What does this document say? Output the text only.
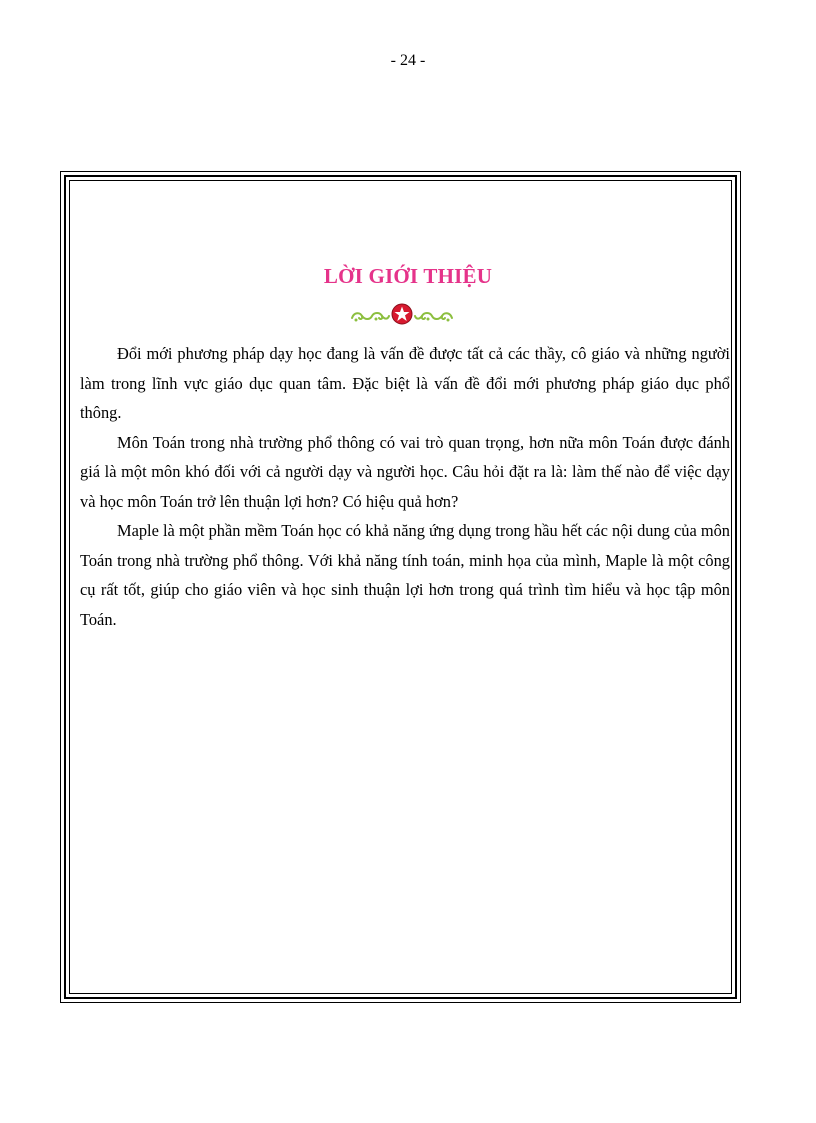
- 24 -
LỜI GIỚI THIỆU

Đổi mới phương pháp dạy học đang là vấn đề được tất cả các thầy, cô giáo và những người làm trong lĩnh vực giáo dục quan tâm. Đặc biệt là vấn đề đổi mới phương pháp giáo dục phổ thông.

Môn Toán trong nhà trường phổ thông có vai trò quan trọng, hơn nữa môn Toán được đánh giá là một môn khó đối với cả người dạy và người học. Câu hỏi đặt ra là: làm thế nào để việc dạy và học môn Toán trở lên thuận lợi hơn? Có hiệu quả hơn?

Maple là một phần mềm Toán học có khả năng ứng dụng trong hầu hết các nội dung của môn Toán trong nhà trường phổ thông. Với khả năng tính toán, minh họa của mình, Maple là một công cụ rất tốt, giúp cho giáo viên và học sinh thuận lợi hơn trong quá trình tìm hiểu và học tập môn Toán.
